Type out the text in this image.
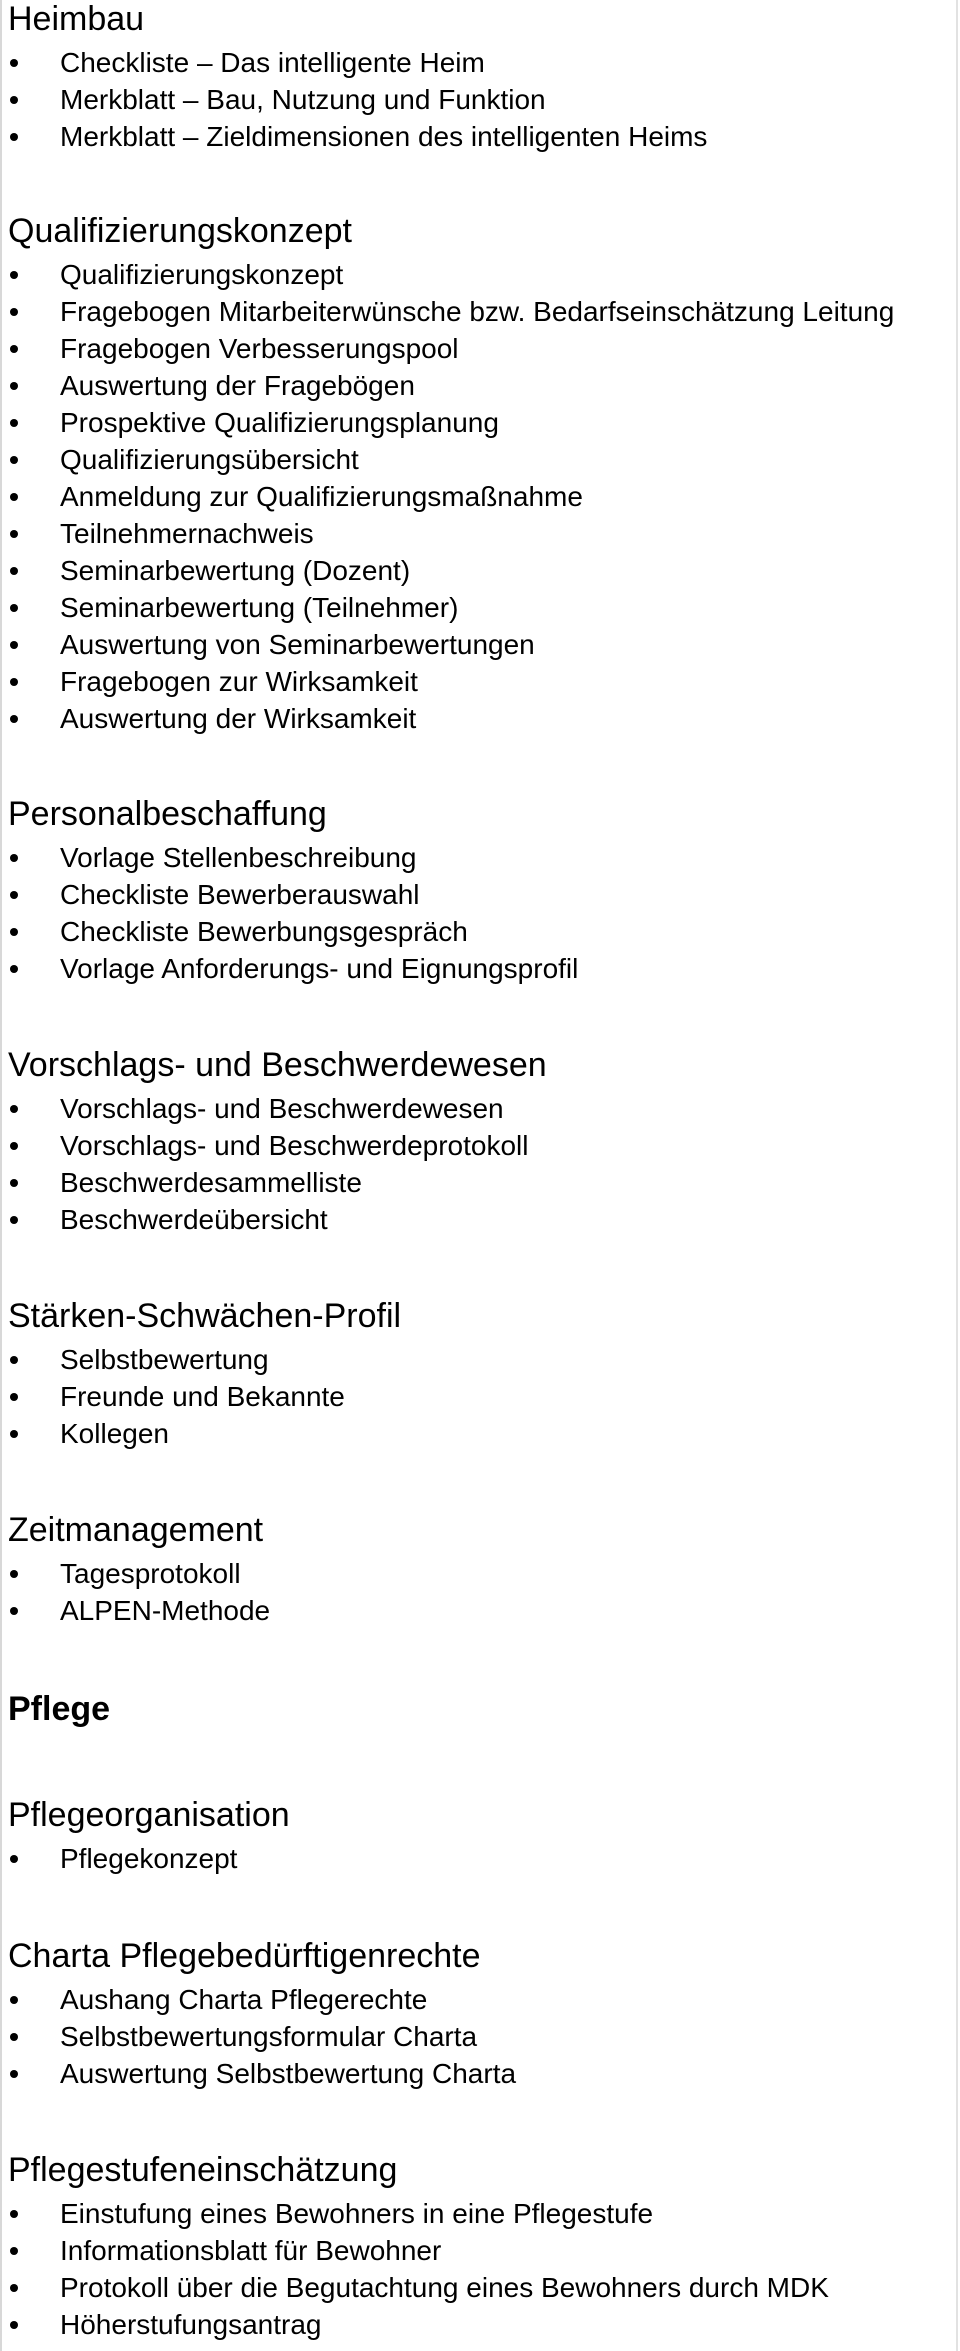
Heimbau
Checkliste – Das intelligente Heim
Merkblatt – Bau, Nutzung und Funktion
Merkblatt – Zieldimensionen des intelligenten Heims
Qualifizierungskonzept
Qualifizierungskonzept
Fragebogen Mitarbeiterwünsche bzw. Bedarfseinschätzung Leitung
Fragebogen Verbesserungspool
Auswertung der Fragebögen
Prospektive Qualifizierungsplanung
Qualifizierungsübersicht
Anmeldung zur Qualifizierungsmaßnahme
Teilnehmernachweis
Seminarbewertung (Dozent)
Seminarbewertung (Teilnehmer)
Auswertung von Seminarbewertungen
Fragebogen zur Wirksamkeit
Auswertung der Wirksamkeit
Personalbeschaffung
Vorlage Stellenbeschreibung
Checkliste Bewerberauswahl
Checkliste Bewerbungsgespräch
Vorlage Anforderungs- und Eignungsprofil
Vorschlags- und Beschwerdewesen
Vorschlags- und Beschwerdewesen
Vorschlags- und Beschwerdeprotokoll
Beschwerdesammelliste
Beschwerdeübersicht
Stärken-Schwächen-Profil
Selbstbewertung
Freunde und Bekannte
Kollegen
Zeitmanagement
Tagesprotokoll
ALPEN-Methode
Pflege
Pflegeorganisation
Pflegekonzept
Charta Pflegebedürftigenrechte
Aushang Charta Pflegerechte
Selbstbewertungsformular Charta
Auswertung Selbstbewertung Charta
Pflegestufeneinschätzung
Einstufung eines Bewohners in eine Pflegestufe
Informationsblatt für Bewohner
Protokoll über die Begutachtung eines Bewohners durch MDK
Höherstufungsantrag
